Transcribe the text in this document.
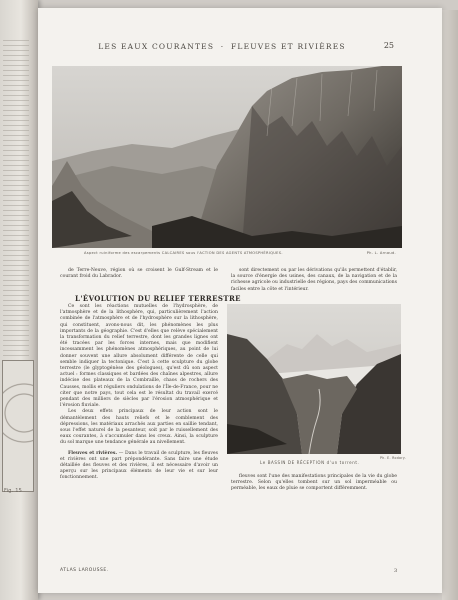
Fig. 15
LES EAUX COURANTES · FLEUVES ET RIVIÈRES	25
Aspect ruiniforme des escarpements CALCAIRES sous l'ACTION DES AGENTS ATMOSPHÉRIQUES.	Ph. L. Arnaud.

de Terre-Neuve, région où se croisent le Gulf-Stream et le courant froid du Labrador.

L'ÉVOLUTION DU RELIEF TERRESTRE

Ce sont les réactions mutuelles de l'hydrosphère, de l'atmosphère et de la lithosphère, qui, particulièrement l'action combinée de l'atmosphère et de l'hydrosphère sur la lithosphère, qui constituent, avons-nous dit, les phénomènes les plus importants de la géographie. C'est d'elles que relève spécialement la transformation du relief terrestre, dont les grandes lignes ont été tracées par les forces internes, mais que modifient incessamment les phénomènes atmosphériques, au point de lui donner souvent une allure absolument différente de celle qui semble indiquer la tectonique. C'est à cette sculpture du globe terrestre (le glyptogénèse des géologues), qu'est dû son aspect actuel : formes classiques et bardées des chaînes alpestres, allure indécise des plateaux de la Combraille, chaos de rochers des Causses, mollis et réguliers ondulations de l'Île-de-France, pour ne citer que notre pays, tout cela est le résultat du travail exercé pendant des milliers de siècles par l'érosion atmosphérique et l'érosion fluviale.

Les deux effets principaux de leur action sont le démantèlement des hauts reliefs et le comblement des dépressions, les matériaux arrachés aux parties en saillie tendant, sous l'effet naturel de la pesanteur, soit par le ruissellement des eaux courantes, à s'accumuler dans les creux. Ainsi, la sculpture du sol marque une tendance générale au nivellement.

Fleuves et rivières. — Dans le travail de sculpture, les fleuves et rivières ont une part prépondérante. Sans faire une étude détaillée des fleuves et des rivières, il est nécessaire d'avoir un aperçu sur les principaux éléments de leur vie et sur leur fonctionnement.

sont directement ou par les dérivations qu'ils permettent d'établir, la source d'énergie des usines, des canaux, de la navigation et de la richesse agricole ou industrielle des régions, pays des communications faciles entre la côte et l'intérieur.

Le BASSIN DE RÉCEPTION d'un torrent.
Ph. E. Rodary.

fleuves sont l'une des manifestations principales de la vie du globe terrestre. Selon qu'elles tombent sur un sol imperméable ou perméable, les eaux de pluie se comportent différemment.

ATLAS LAROUSSE.	3
